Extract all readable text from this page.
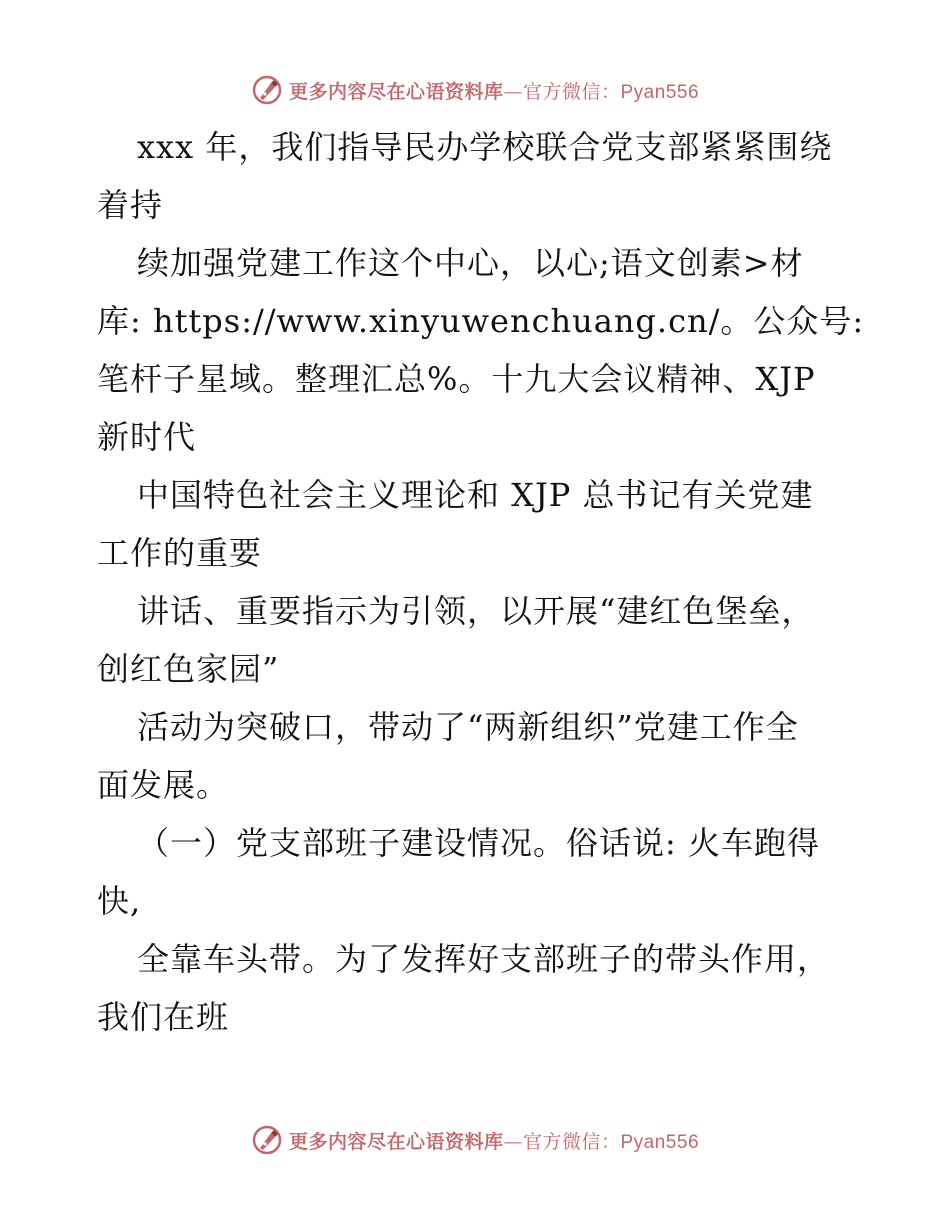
更多内容尽在心语资料库—官方微信：Pyan556
xxx 年，我们指导民办学校联合党支部紧紧围绕
着持
续加强党建工作这个中心，以心;语文创素>材
库: https://www.xinyuwenchuang.cn/。公众号:
笔杆子星域。整理汇总%。十九大会议精神、XJP
新时代
中国特色社会主义理论和 XJP 总书记有关党建
工作的重要
讲话、重要指示为引领，以开展“建红色堡垒，
创红色家园”
活动为突破口，带动了“两新组织”党建工作全
面发展。
（一）党支部班子建设情况。俗话说: 火车跑得
快,
全靠车头带。为了发挥好支部班子的带头作用，
我们在班
更多内容尽在心语资料库—官方微信：Pyan556
